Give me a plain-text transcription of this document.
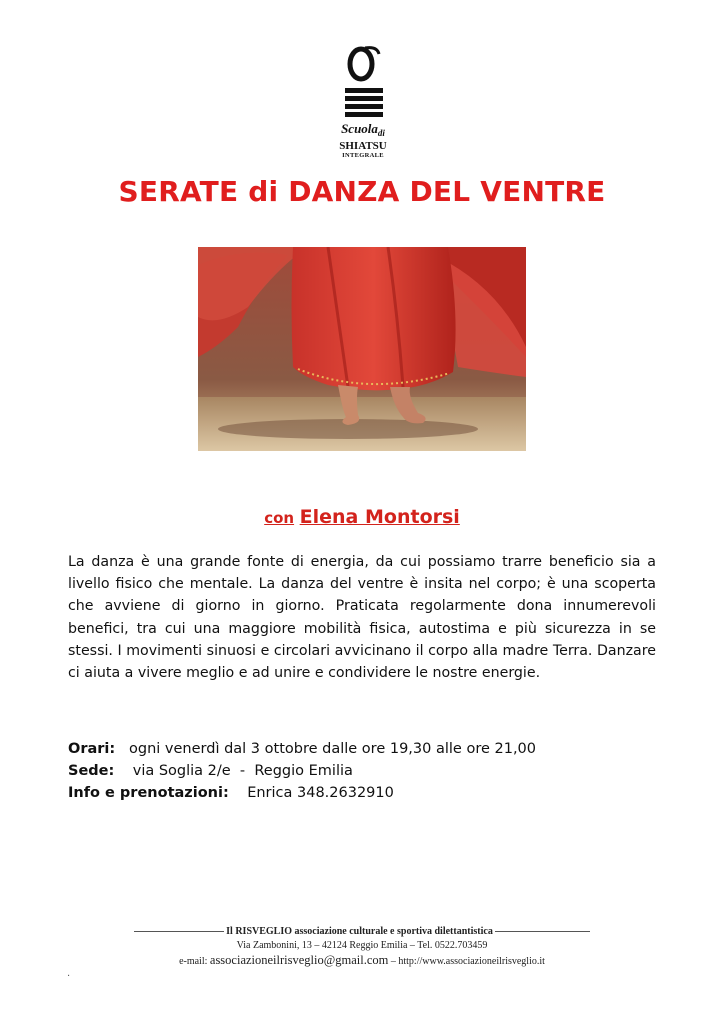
Scuola$_{di}$
SHIATSU
INTEGRALE
SERATE di DANZA DEL VENTRE
con Elena Montorsi
La danza è una grande fonte di energia, da cui possiamo trarre beneficio sia a livello fisico che mentale. La danza del ventre è insita nel corpo; è una scoperta che avviene di giorno in giorno. Praticata regolarmente dona innumerevoli benefici, tra cui una maggiore mobilità fisica, autostima e più sicurezza in se stessi. I movimenti sinuosi e circolari avvicinano il corpo alla madre Terra. Danzare ci aiuta a vivere meglio e ad unire e condividere le nostre energie.
Orari: ogni venerdì dal 3 ottobre dalle ore 19,30 alle ore 21,00
Sede: via Soglia 2/e  -  Reggio Emilia
Info e prenotazioni: Enrica 348.2632910
Il RISVEGLIO associazione culturale e sportiva dilettantistica
Via Zambonini, 13 – 42124 Reggio Emilia – Tel. 0522.703459
e-mail: associazioneilrisveglio@gmail.com – http://www.associazioneilrisveglio.it
.
